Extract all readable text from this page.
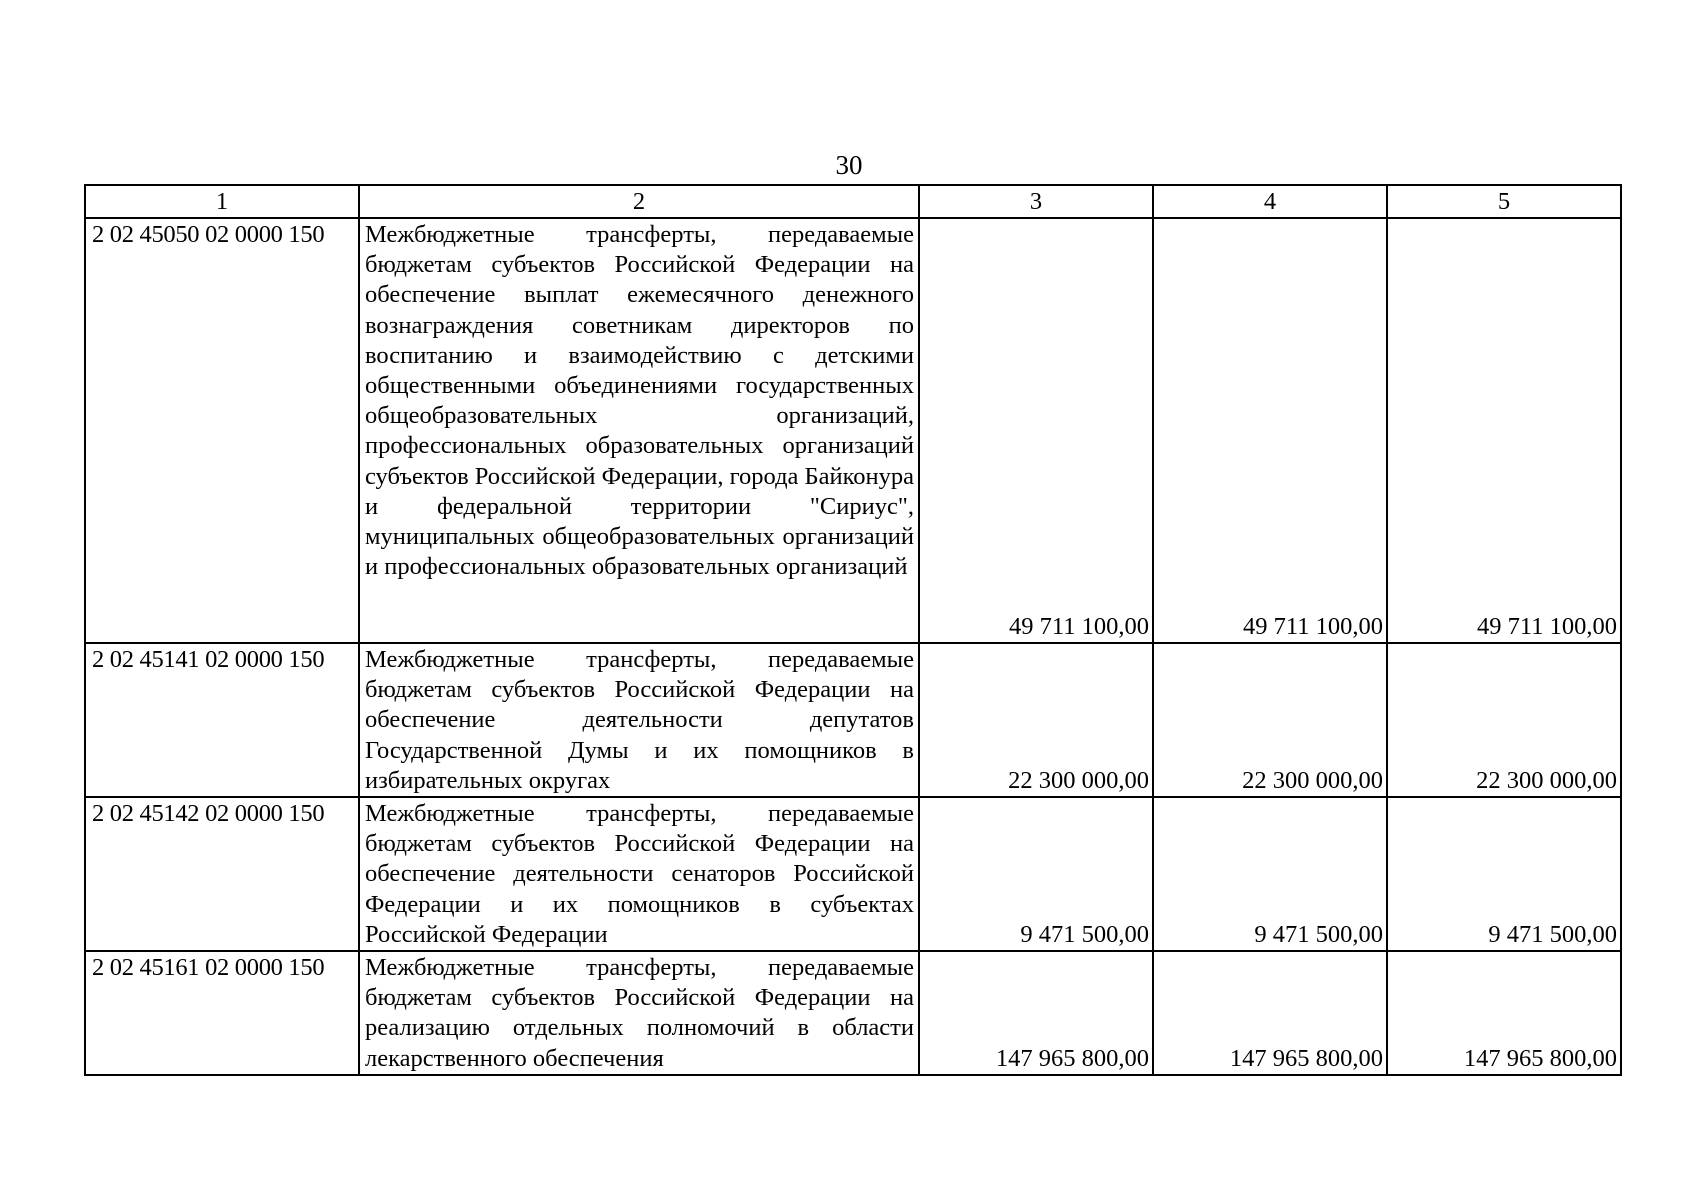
30
1	2	3	4	5
2 02 45050 02 0000 150	Межбюджетные трансферты, передаваемые бюджетам субъектов Российской Федерации на обеспечение выплат ежемесячного денежного вознаграждения советникам директоров по воспитанию и взаимодействию с детскими общественными объединениями государственных общеобразовательных организаций, профессиональных образовательных организаций субъектов Российской Федерации, города Байконура и федеральной территории "Сириус", муниципальных общеобразовательных организаций и профессиональных образовательных организаций	49 711 100,00	49 711 100,00	49 711 100,00
2 02 45141 02 0000 150	Межбюджетные трансферты, передаваемые бюджетам субъектов Российской Федерации на обеспечение деятельности депутатов Государственной Думы и их помощников в избирательных округах	22 300 000,00	22 300 000,00	22 300 000,00
2 02 45142 02 0000 150	Межбюджетные трансферты, передаваемые бюджетам субъектов Российской Федерации на обеспечение деятельности сенаторов Российской Федерации и их помощников в субъектах Российской Федерации	9 471 500,00	9 471 500,00	9 471 500,00
2 02 45161 02 0000 150	Межбюджетные трансферты, передаваемые бюджетам субъектов Российской Федерации на реализацию отдельных полномочий в области лекарственного обеспечения	147 965 800,00	147 965 800,00	147 965 800,00
